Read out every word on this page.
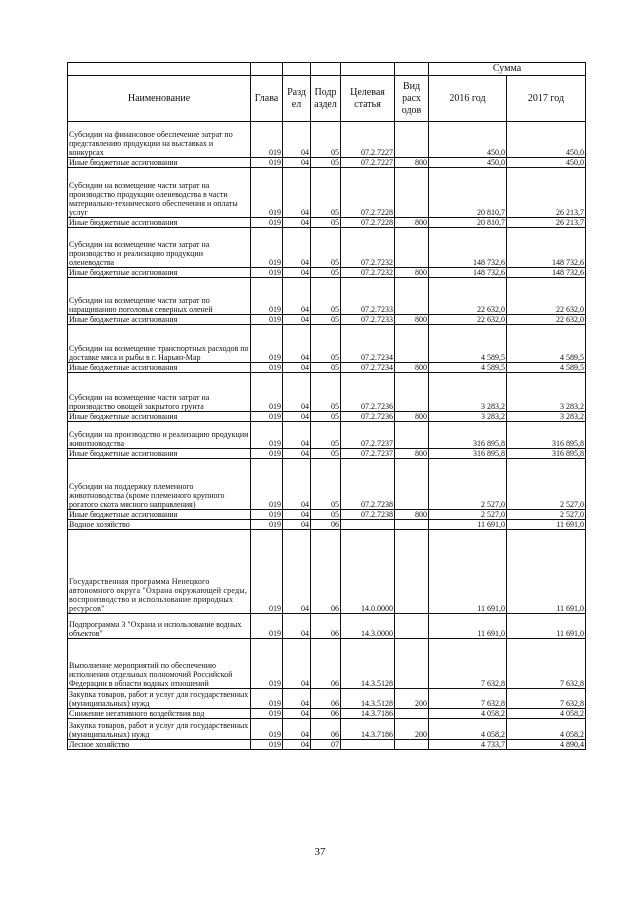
						Сумма	
Наименование	Глава	Разд ел	Подр аздел	Целевая статья	Вид расх одов	2016 год	2017 год
Субсидии на финансовое обеспечение затрат по представлению продукции на выставках и конкурсах	019	04	05	07.2.7227		450,0	450,0
Иные бюджетные ассигнования	019	04	05	07.2.7227	800	450,0	450,0
Субсидии на возмещение части затрат на производство продукции оленеводства в части материально-технического обеспечения и оплаты услуг	019	04	05	07.2.7228		20 810,7	26 213,7
Иные бюджетные ассигнования	019	04	05	07.2.7228	800	20 810,7	26 213,7
Субсидии на возмещение части затрат на производство и реализацию продукции оленеводства	019	04	05	07.2.7232		148 732,6	148 732,6
Иные бюджетные ассигнования	019	04	05	07.2.7232	800	148 732,6	148 732,6
Субсидии на возмещение части затрат по наращиванию поголовья северных оленей	019	04	05	07.2.7233		22 632,0	22 632,0
Иные бюджетные ассигнования	019	04	05	07.2.7233	800	22 632,0	22 632,0
Субсидии на возмещение транспортных расходов по доставке мяса и рыбы в г. Нарьян-Мар	019	04	05	07.2.7234		4 589,5	4 589,5
Иные бюджетные ассигнования	019	04	05	07.2.7234	800	4 589,5	4 589,5
Субсидии на возмещение части затрат на производство овощей закрытого грунта	019	04	05	07.2.7236		3 283,2	3 283,2
Иные бюджетные ассигнования	019	04	05	07.2.7236	800	3 283,2	3 283,2
Субсидии на производство и реализацию продукции животноводства	019	04	05	07.2.7237		316 895,8	316 895,8
Иные бюджетные ассигнования	019	04	05	07.2.7237	800	316 895,8	316 895,8
Субсидии на поддержку племенного животноводства (кроме племенного крупного рогатого скота мясного направления)	019	04	05	07.2.7238		2 527,0	2 527,0
Иные бюджетные ассигнования	019	04	05	07.2.7238	800	2 527,0	2 527,0
Водное хозяйство	019	04	06			11 691,0	11 691,0
Государственная программа Ненецкого автономного округа "Охрана окружающей среды, воспроизводство и использование природных ресурсов"	019	04	06	14.0.0000		11 691,0	11 691,0
Подпрограмма 3 "Охрана и использование водных объектов"	019	04	06	14.3.0000		11 691,0	11 691,0
Выполнение мероприятий по обеспечению исполнения отдельных полномочий Российской Федерации в области водных отношений	019	04	06	14.3.5128		7 632,8	7 632,8
Закупка товаров, работ и услуг для государственных (муниципальных) нужд	019	04	06	14.3.5128	200	7 632,8	7 632,8
Снижение негативного воздействия вод	019	04	06	14.3.7186		4 058,2	4 058,2
Закупка товаров, работ и услуг для государственных (муниципальных) нужд	019	04	06	14.3.7186	200	4 058,2	4 058,2
Лесное хозяйство	019	04	07			4 733,7	4 890,4
37
